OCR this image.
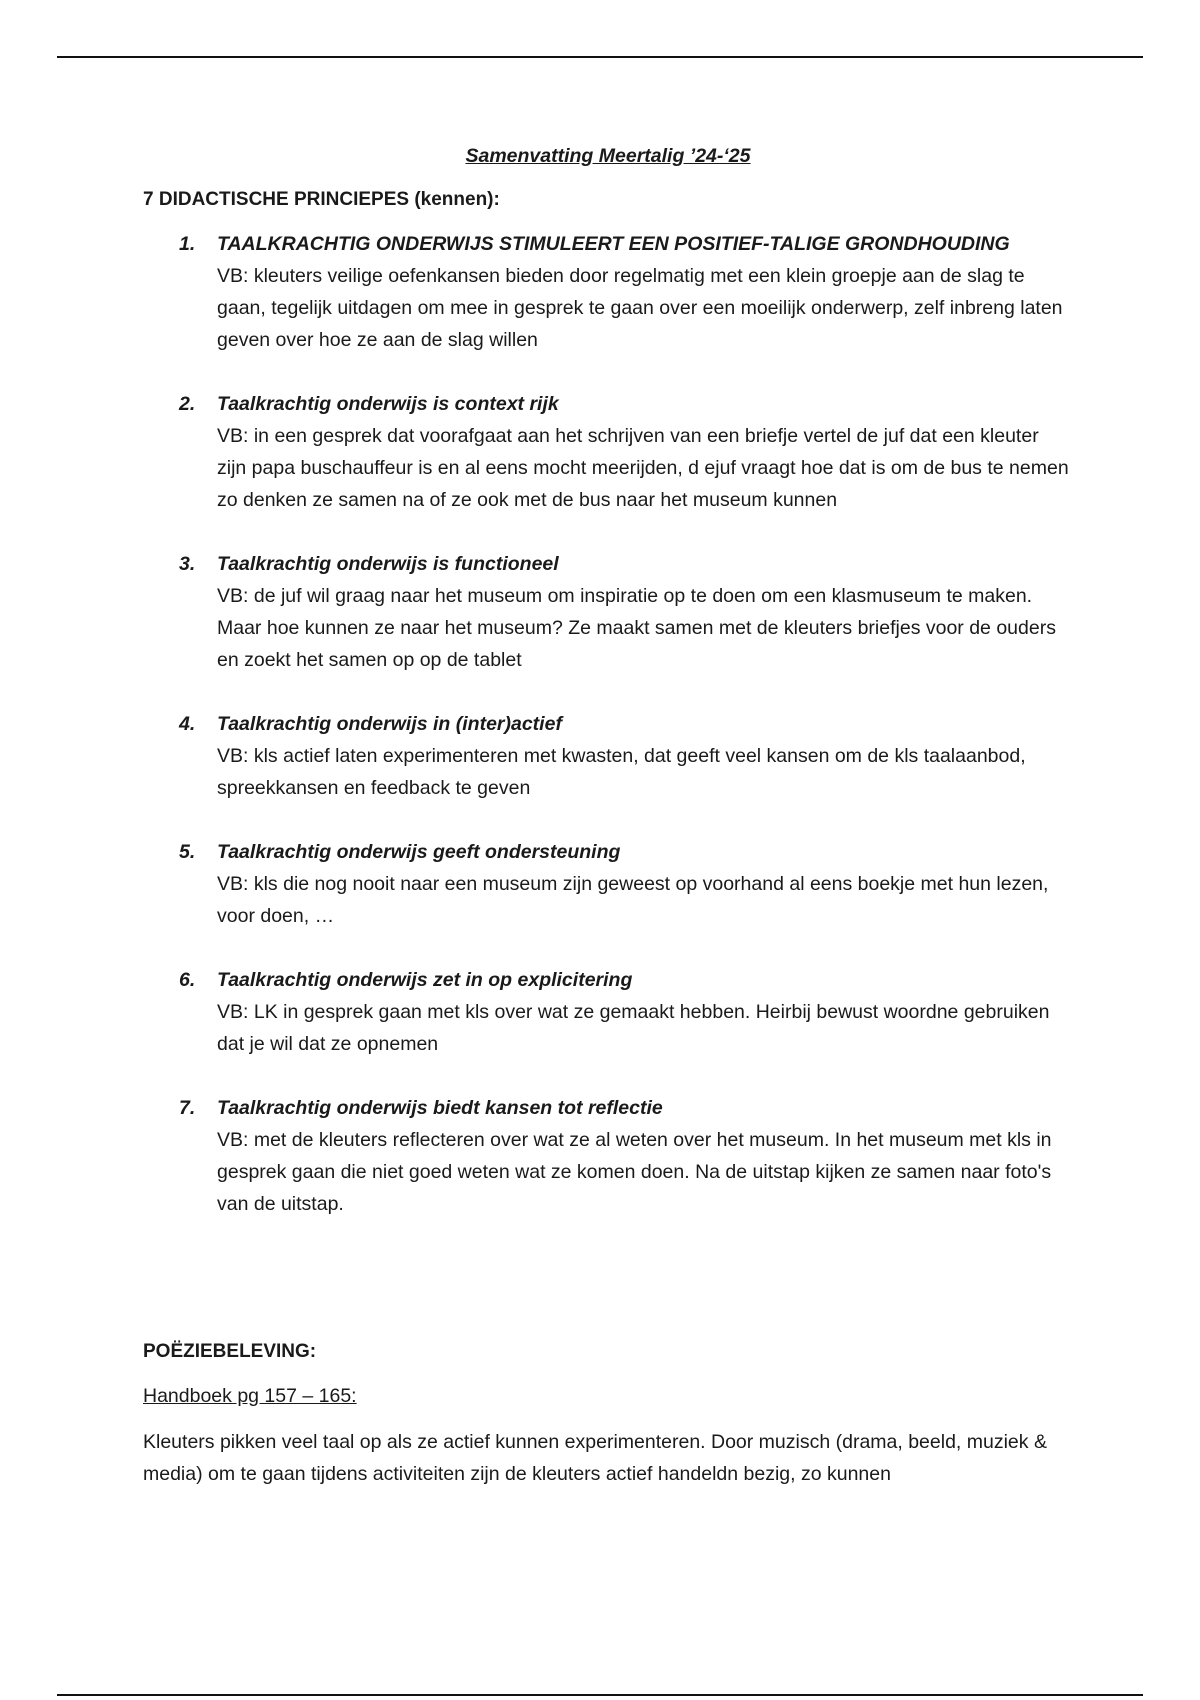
Samenvatting Meertalig ’24-‘25

7 DIDACTISCHE PRINCIEPES (kennen):

1. TAALKRACHTIG ONDERWIJS STIMULEERT EEN POSITIEF-TALIGE GRONDHOUDING
VB: kleuters veilige oefenkansen bieden door regelmatig met een klein groepje aan de slag te gaan, tegelijk uitdagen om mee in gesprek te gaan over een moeilijk onderwerp, zelf inbreng laten geven over hoe ze aan de slag willen
2. Taalkrachtig onderwijs is context rijk
VB: in een gesprek dat voorafgaat aan het schrijven van een briefje vertel de juf dat een kleuter zijn papa buschauffeur is en al eens mocht meerijden, d ejuf vraagt hoe dat is om de bus te nemen zo denken ze samen na of ze ook met de bus naar het museum kunnen
3. Taalkrachtig onderwijs is functioneel
VB: de juf wil graag naar het museum om inspiratie op te doen om een klasmuseum te maken. Maar hoe kunnen ze naar het museum? Ze maakt samen met de kleuters briefjes voor de ouders en zoekt het samen op op de tablet
4. Taalkrachtig onderwijs in (inter)actief
VB: kls actief laten experimenteren met kwasten, dat geeft veel kansen om de kls taalaanbod, spreekkansen en feedback te geven
5. Taalkrachtig onderwijs geeft ondersteuning
VB: kls die nog nooit naar een museum zijn geweest op voorhand al eens boekje met hun lezen, voor doen, …
6. Taalkrachtig onderwijs zet in op explicitering
VB: LK in gesprek gaan met kls over wat ze gemaakt hebben. Heirbij bewust woordne gebruiken dat je wil dat ze opnemen
7. Taalkrachtig onderwijs biedt kansen tot reflectie
VB: met de kleuters reflecteren over wat ze al weten over het museum. In het museum met kls in gesprek gaan die niet goed weten wat ze komen doen. Na de uitstap kijken ze samen naar foto's van de uitstap.

POËZIEBELEVING:

Handboek pg 157 – 165:

Kleuters pikken veel taal op als ze actief kunnen experimenteren. Door muzisch (drama, beeld, muziek & media) om te gaan tijdens activiteiten zijn de kleuters actief handeldn bezig, zo kunnen
